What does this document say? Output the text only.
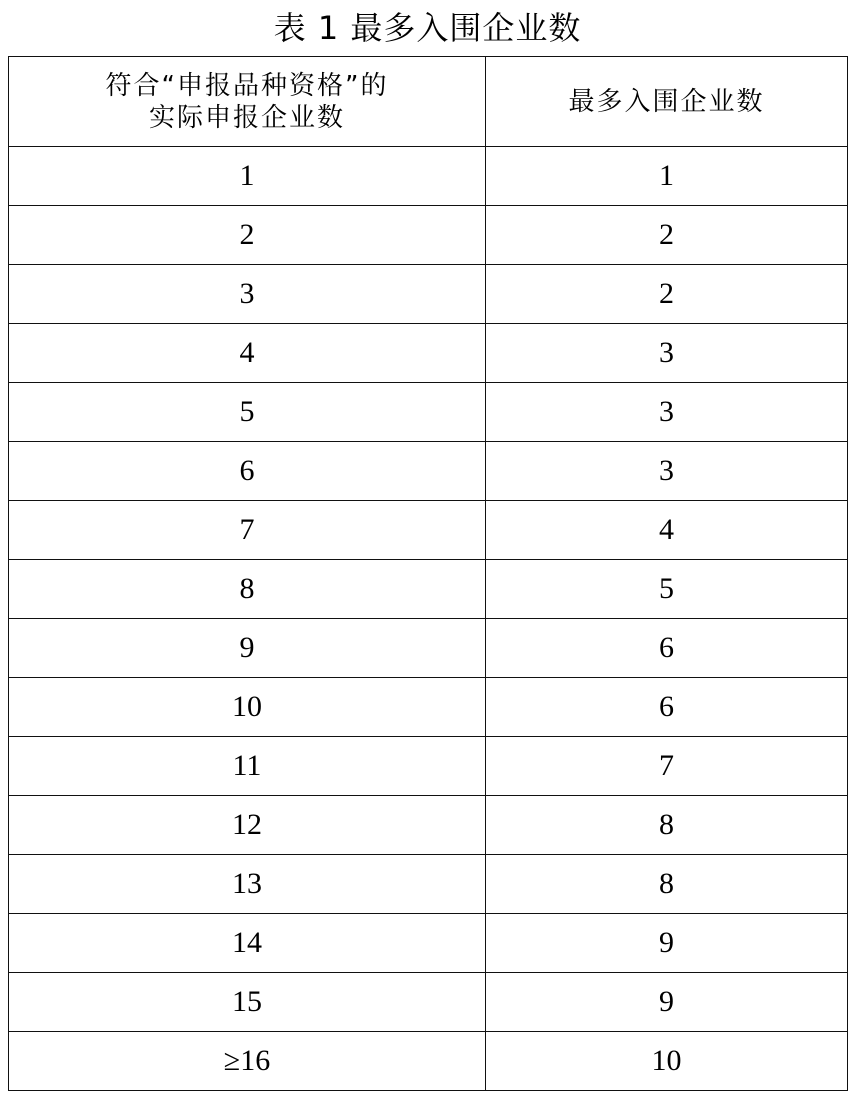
表 1 最多入围企业数
符合“申报品种资格”的
实际申报企业数	最多入围企业数
1	1
2	2
3	2
4	3
5	3
6	3
7	4
8	5
9	6
10	6
11	7
12	8
13	8
14	9
15	9
≥16	10
